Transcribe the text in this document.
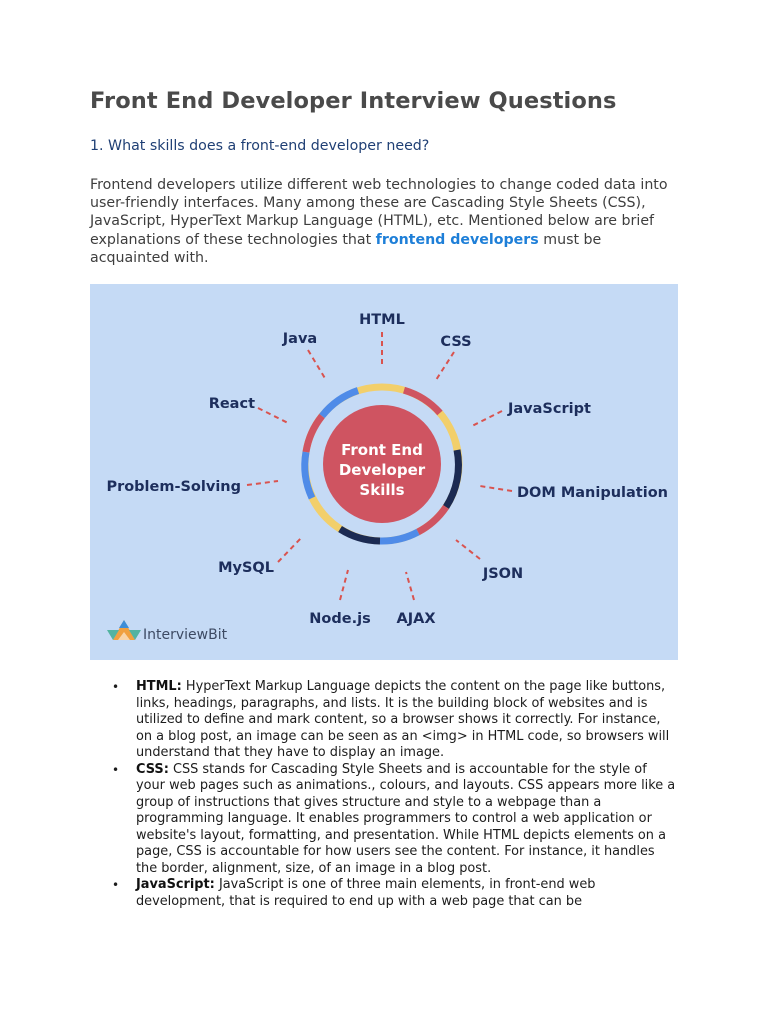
Front End Developer Interview Questions

1. What skills does a front-end developer need?

Frontend developers utilize different web technologies to change coded data into user-friendly interfaces. Many among these are Cascading Style Sheets (CSS), JavaScript, HyperText Markup Language (HTML), etc. Mentioned below are brief explanations of these technologies that frontend developers must be acquainted with.

Front End
Developer
Skills
HTML
CSS
JavaScript
DOM Manipulation
JSON
AJAX
Node.js
MySQL
Problem-Solving
React
Java
InterviewBit
• HTML: HyperText Markup Language depicts the content on the page like buttons, links, headings, paragraphs, and lists. It is the building block of websites and is utilized to define and mark content, so a browser shows it correctly. For instance, on a blog post, an image can be seen as an <img> in HTML code, so browsers will understand that they have to display an image.
• CSS: CSS stands for Cascading Style Sheets and is accountable for the style of your web pages such as animations., colours, and layouts. CSS appears more like a group of instructions that gives structure and style to a webpage than a programming language. It enables programmers to control a web application or website's layout, formatting, and presentation. While HTML depicts elements on a page, CSS is accountable for how users see the content. For instance, it handles the border, alignment, size, of an image in a blog post.
• JavaScript: JavaScript is one of three main elements, in front-end web development, that is required to end up with a web page that can be
